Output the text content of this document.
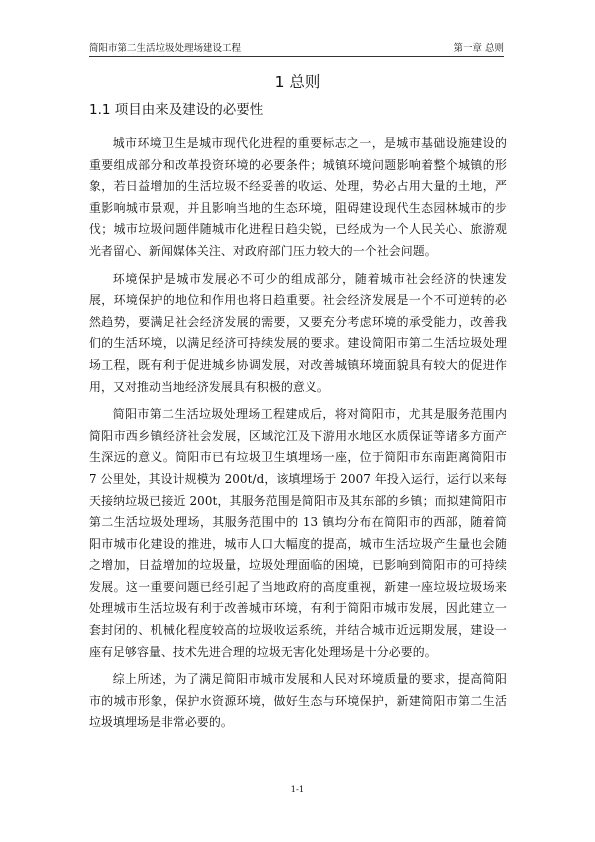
简阳市第二生活垃圾处理场建设工程	第一章 总则
1 总则
1.1 项目由来及建设的必要性

城市环境卫生是城市现代化进程的重要标志之一，是城市基础设施建设的重要组成部分和改革投资环境的必要条件；城镇环境问题影响着整个城镇的形象，若日益增加的生活垃圾不经妥善的收运、处理，势必占用大量的土地，严重影响城市景观，并且影响当地的生态环境，阻碍建设现代生态园林城市的步伐；城市垃圾问题伴随城市化进程日趋尖锐，已经成为一个人民关心、旅游观光者留心、新闻媒体关注、对政府部门压力较大的一个社会问题。

环境保护是城市发展必不可少的组成部分，随着城市社会经济的快速发展，环境保护的地位和作用也将日趋重要。社会经济发展是一个不可逆转的必然趋势，要满足社会经济发展的需要，又要充分考虑环境的承受能力，改善我们的生活环境，以满足经济可持续发展的要求。建设简阳市第二生活垃圾处理场工程，既有利于促进城乡协调发展，对改善城镇环境面貌具有较大的促进作用，又对推动当地经济发展具有积极的意义。

简阳市第二生活垃圾处理场工程建成后，将对简阳市，尤其是服务范围内简阳市西乡镇经济社会发展，区域沱江及下游用水地区水质保证等诸多方面产生深远的意义。简阳市已有垃圾卫生填埋场一座，位于简阳市东南距离简阳市 7 公里处，其设计规模为 200t/d，该填埋场于 2007 年投入运行，运行以来每天接纳垃圾已接近 200t，其服务范围是简阳市及其东部的乡镇；而拟建简阳市第二生活垃圾处理场，其服务范围中的 13 镇均分布在简阳市的西部，随着简阳市城市化建设的推进，城市人口大幅度的提高，城市生活垃圾产生量也会随之增加，日益增加的垃圾量，垃圾处理面临的困境，已影响到简阳市的可持续发展。这一重要问题已经引起了当地政府的高度重视，新建一座垃圾垃圾场来处理城市生活垃圾有利于改善城市环境，有利于简阳市城市发展，因此建立一套封闭的、机械化程度较高的垃圾收运系统，并结合城市近远期发展，建设一座有足够容量、技术先进合理的垃圾无害化处理场是十分必要的。

综上所述，为了满足简阳市城市发展和人民对环境质量的要求，提高简阳市的城市形象，保护水资源环境，做好生态与环境保护，新建简阳市第二生活垃圾填埋场是非常必要的。

1-1
